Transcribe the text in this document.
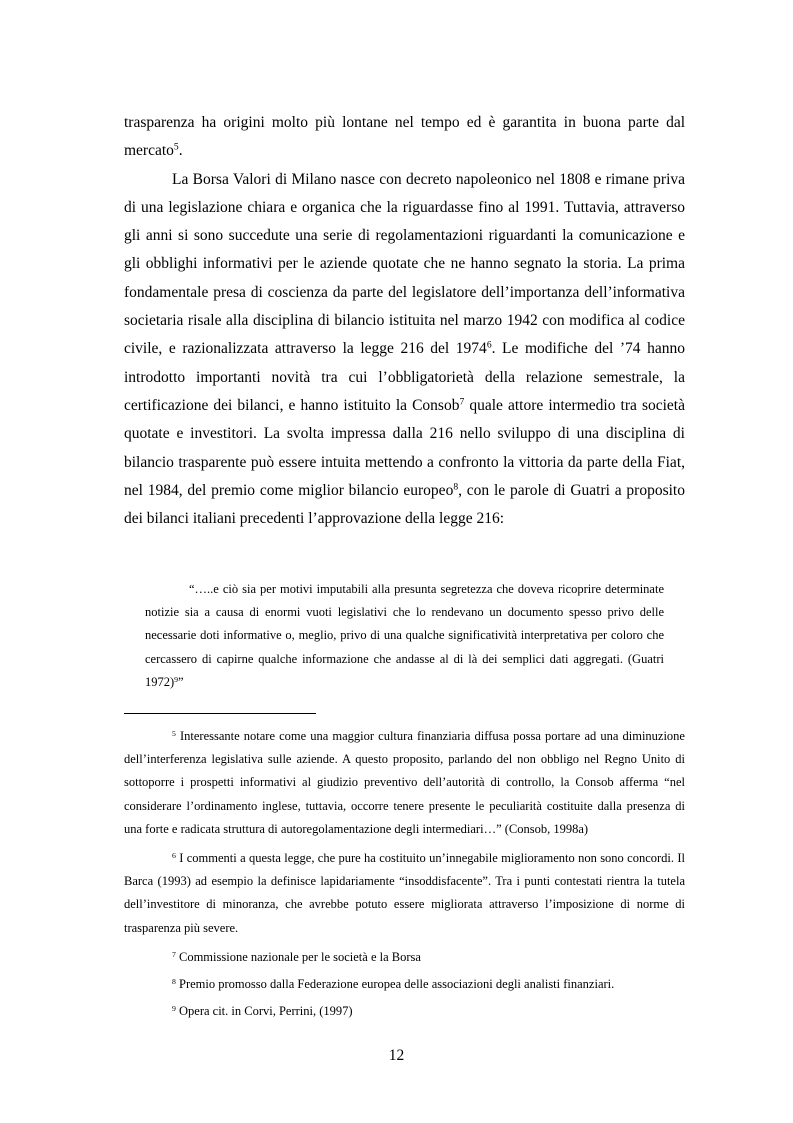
trasparenza ha origini molto più lontane nel tempo ed è garantita in buona parte dal mercato$^5$.

La Borsa Valori di Milano nasce con decreto napoleonico nel 1808 e rimane priva di una legislazione chiara e organica che la riguardasse fino al 1991. Tuttavia, attraverso gli anni si sono succedute una serie di regolamentazioni riguardanti la comunicazione e gli obblighi informativi per le aziende quotate che ne hanno segnato la storia. La prima fondamentale presa di coscienza da parte del legislatore dell’importanza dell’informativa societaria risale alla disciplina di bilancio istituita nel marzo 1942 con modifica al codice civile, e razionalizzata attraverso la legge 216 del 1974$^6$. Le modifiche del ’74 hanno introdotto importanti novità tra cui l’obbligatorietà della relazione semestrale, la certificazione dei bilanci, e hanno istituito la Consob$^7$ quale attore intermedio tra società quotate e investitori. La svolta impressa dalla 216 nello sviluppo di una disciplina di bilancio trasparente può essere intuita mettendo a confronto la vittoria da parte della Fiat, nel 1984, del premio come miglior bilancio europeo$^8$, con le parole di Guatri a proposito dei bilanci italiani precedenti l’approvazione della legge 216:

“…..e ciò sia per motivi imputabili alla presunta segretezza che doveva ricoprire determinate notizie sia a causa di enormi vuoti legislativi che lo rendevano un documento spesso privo delle necessarie doti informative o, meglio, privo di una qualche significatività interpretativa per coloro che cercassero di capirne qualche informazione che andasse al di là dei semplici dati aggregati. (Guatri 1972)$^9$”

$^5$ Interessante notare come una maggior cultura finanziaria diffusa possa portare ad una diminuzione dell’interferenza legislativa sulle aziende. A questo proposito, parlando del non obbligo nel Regno Unito di sottoporre i prospetti informativi al giudizio preventivo dell’autorità di controllo, la Consob afferma “nel considerare l’ordinamento inglese, tuttavia, occorre tenere presente le peculiarità costituite dalla presenza di una forte e radicata struttura di autoregolamentazione degli intermediari…” (Consob, 1998a)

$^6$ I commenti a questa legge, che pure ha costituito un’innegabile miglioramento non sono concordi. Il Barca (1993) ad esempio la definisce lapidariamente “insoddisfacente”. Tra i punti contestati rientra la tutela dell’investitore di minoranza, che avrebbe potuto essere migliorata attraverso l’imposizione di norme di trasparenza più severe.

$^7$ Commissione nazionale per le società e la Borsa

$^8$ Premio promosso dalla Federazione europea delle associazioni degli analisti finanziari.

$^9$ Opera cit. in Corvi, Perrini, (1997)

12
